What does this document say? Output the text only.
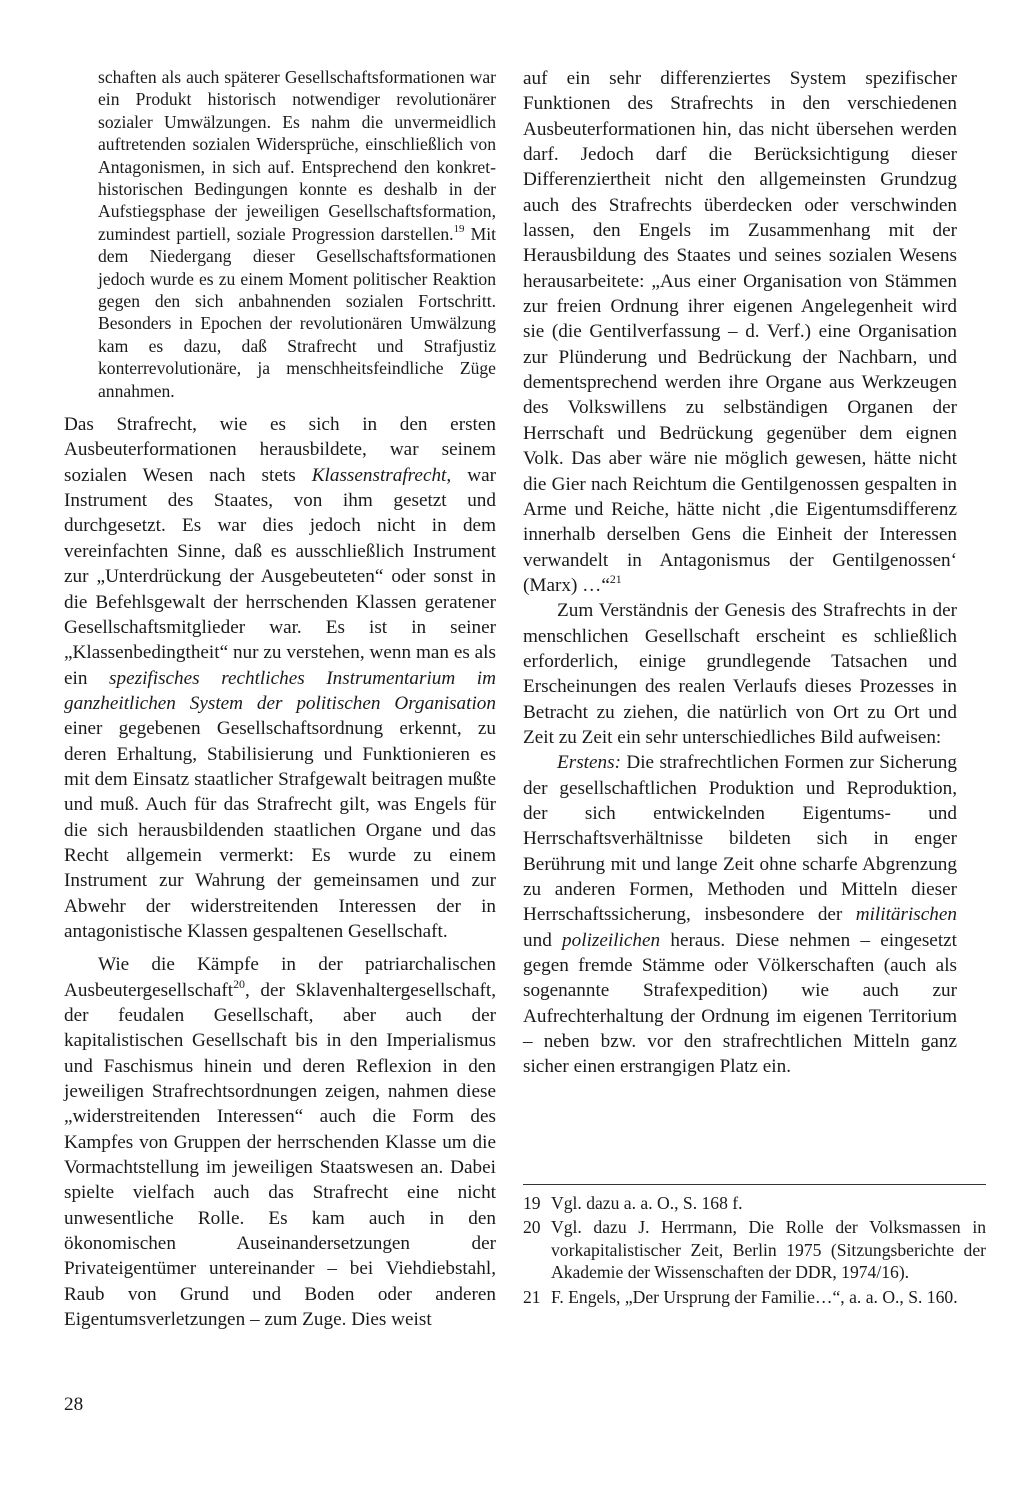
schaften als auch späterer Gesellschaftsformationen war ein Produkt historisch notwendiger revolutionärer sozialer Umwälzungen. Es nahm die unvermeidlich auftretenden sozialen Widersprüche, einschließlich von Antagonismen, in sich auf. Entsprechend den konkret-historischen Bedingungen konnte es deshalb in der Aufstiegsphase der jeweiligen Gesellschaftsformation, zumindest partiell, soziale Progression darstellen.$^{19}$ Mit dem Niedergang dieser Gesellschaftsformationen jedoch wurde es zu einem Moment politischer Reaktion gegen den sich anbahnenden sozialen Fortschritt. Besonders in Epochen der revolutionären Umwälzung kam es dazu, daß Strafrecht und Strafjustiz konterrevolutionäre, ja menschheitsfeindliche Züge annahmen.

Das Strafrecht, wie es sich in den ersten Ausbeuterformationen herausbildete, war seinem sozialen Wesen nach stets Klassenstrafrecht, war Instrument des Staates, von ihm gesetzt und durchgesetzt. Es war dies jedoch nicht in dem vereinfachten Sinne, daß es ausschließlich Instrument zur „Unterdrückung der Ausgebeuteten“ oder sonst in die Befehlsgewalt der herrschenden Klassen geratener Gesellschaftsmitglieder war. Es ist in seiner „Klassenbedingtheit“ nur zu verstehen, wenn man es als ein spezifisches rechtliches Instrumentarium im ganzheitlichen System der politischen Organisation einer gegebenen Gesellschaftsordnung erkennt, zu deren Erhaltung, Stabilisierung und Funktionieren es mit dem Einsatz staatlicher Strafgewalt beitragen mußte und muß. Auch für das Strafrecht gilt, was Engels für die sich herausbildenden staatlichen Organe und das Recht allgemein vermerkt: Es wurde zu einem Instrument zur Wahrung der gemeinsamen und zur Abwehr der widerstreitenden Interessen der in antagonistische Klassen gespaltenen Gesellschaft.

Wie die Kämpfe in der patriarchalischen Ausbeutergesellschaft$^{20}$, der Sklavenhaltergesellschaft, der feudalen Gesellschaft, aber auch der kapitalistischen Gesellschaft bis in den Imperialismus und Faschismus hinein und deren Reflexion in den jeweiligen Strafrechtsordnungen zeigen, nahmen diese „widerstreitenden Interessen“ auch die Form des Kampfes von Gruppen der herrschenden Klasse um die Vormachtstellung im jeweiligen Staatswesen an. Dabei spielte vielfach auch das Strafrecht eine nicht unwesentliche Rolle. Es kam auch in den ökonomischen Auseinandersetzungen der Privateigentümer untereinander – bei Viehdiebstahl, Raub von Grund und Boden oder anderen Eigentumsverletzungen – zum Zuge. Dies weist

auf ein sehr differenziertes System spezifischer Funktionen des Strafrechts in den verschiedenen Ausbeuterformationen hin, das nicht übersehen werden darf. Jedoch darf die Berücksichtigung dieser Differenziertheit nicht den allgemeinsten Grundzug auch des Strafrechts überdecken oder verschwinden lassen, den Engels im Zusammenhang mit der Herausbildung des Staates und seines sozialen Wesens herausarbeitete: „Aus einer Organisation von Stämmen zur freien Ordnung ihrer eigenen Angelegenheit wird sie (die Gentilverfassung – d. Verf.) eine Organisation zur Plünderung und Bedrückung der Nachbarn, und dementsprechend werden ihre Organe aus Werkzeugen des Volkswillens zu selbständigen Organen der Herrschaft und Bedrückung gegenüber dem eignen Volk. Das aber wäre nie möglich gewesen, hätte nicht die Gier nach Reichtum die Gentilgenossen gespalten in Arme und Reiche, hätte nicht ‚die Eigentumsdifferenz innerhalb derselben Gens die Einheit der Interessen verwandelt in Antagonismus der Gentilgenossen‘ (Marx) …“$^{21}$

Zum Verständnis der Genesis des Strafrechts in der menschlichen Gesellschaft erscheint es schließlich erforderlich, einige grundlegende Tatsachen und Erscheinungen des realen Verlaufs dieses Prozesses in Betracht zu ziehen, die natürlich von Ort zu Ort und Zeit zu Zeit ein sehr unterschiedliches Bild aufweisen:

Erstens: Die strafrechtlichen Formen zur Sicherung der gesellschaftlichen Produktion und Reproduktion, der sich entwickelnden Eigentums- und Herrschaftsverhältnisse bildeten sich in enger Berührung mit und lange Zeit ohne scharfe Abgrenzung zu anderen Formen, Methoden und Mitteln dieser Herrschaftssicherung, insbesondere der militärischen und polizeilichen heraus. Diese nehmen – eingesetzt gegen fremde Stämme oder Völkerschaften (auch als sogenannte Strafexpedition) wie auch zur Aufrechterhaltung der Ordnung im eigenen Territorium – neben bzw. vor den strafrechtlichen Mitteln ganz sicher einen erstrangigen Platz ein.

19 Vgl. dazu a. a. O., S. 168 f.
20 Vgl. dazu J. Herrmann, Die Rolle der Volksmassen in vorkapitalistischer Zeit, Berlin 1975 (Sitzungsberichte der Akademie der Wissenschaften der DDR, 1974/16).
21 F. Engels, „Der Ursprung der Familie…“, a. a. O., S. 160.
28
